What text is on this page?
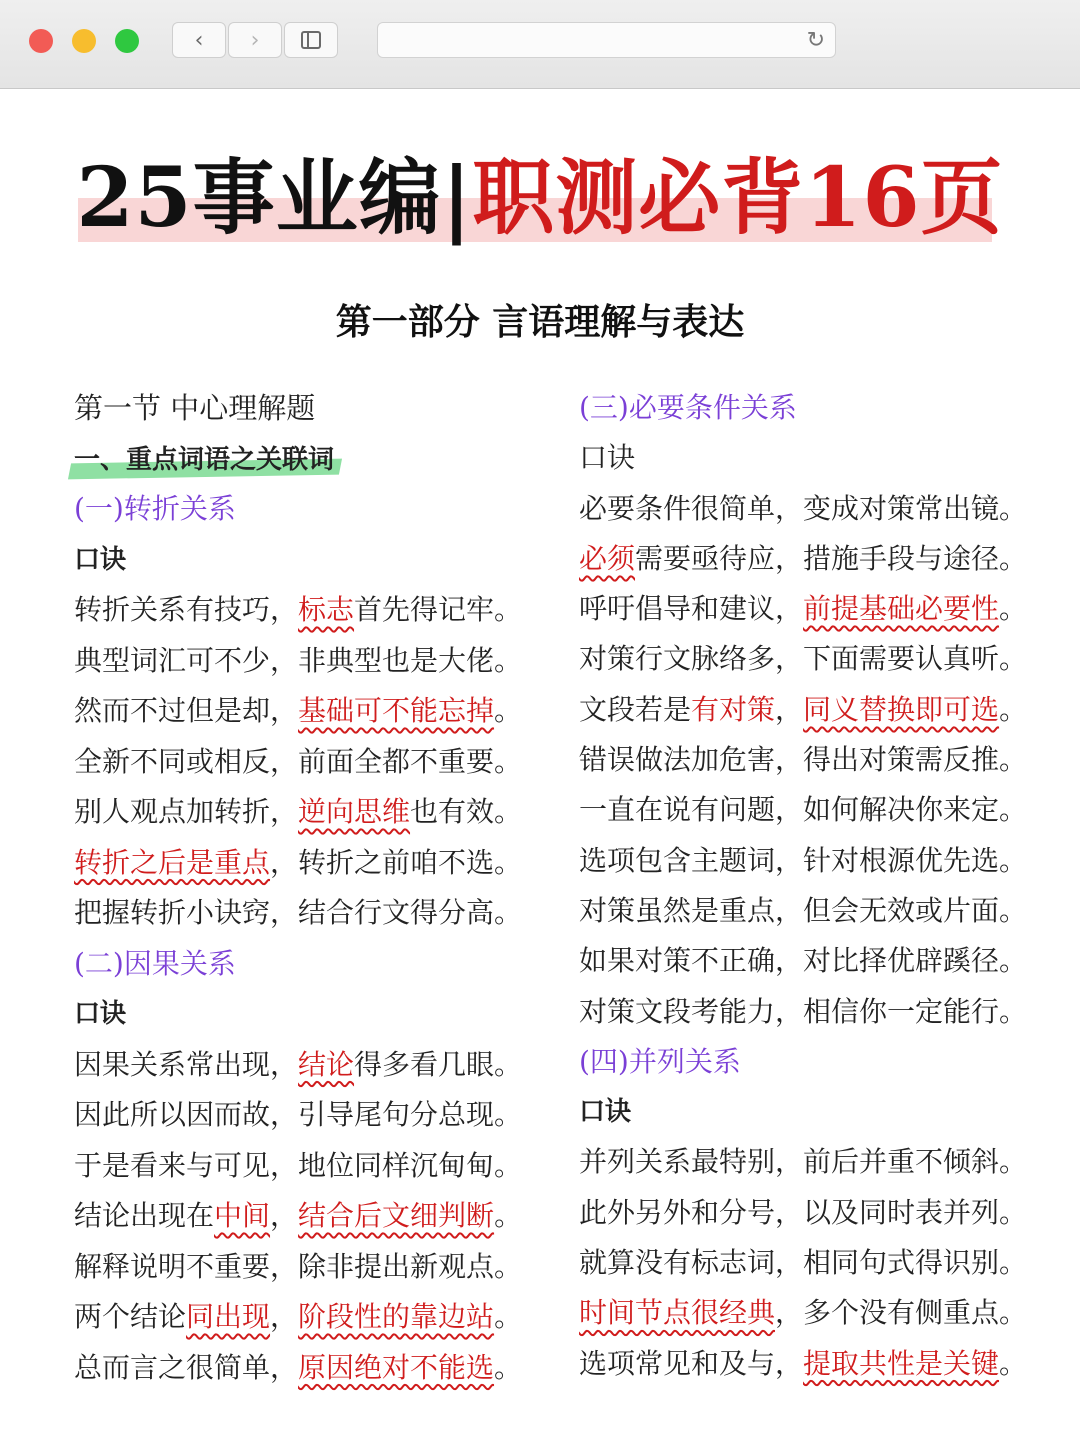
‹ ›	↻
25事业编|职测必背16页
第一部分 言语理解与表达
第一节 中心理解题
一、重点词语之关联词
(一)转折关系
口诀
转折关系有技巧，标志首先得记牢。
典型词汇可不少，非典型也是大佬。
然而不过但是却，基础可不能忘掉。
全新不同或相反，前面全都不重要。
别人观点加转折，逆向思维也有效。
转折之后是重点，转折之前咱不选。
把握转折小诀窍，结合行文得分高。
(二)因果关系
口诀
因果关系常出现，结论得多看几眼。
因此所以因而故，引导尾句分总现。
于是看来与可见，地位同样沉甸甸。
结论出现在中间，结合后文细判断。
解释说明不重要，除非提出新观点。
两个结论同出现，阶段性的靠边站。
总而言之很简单，原因绝对不能选。
(三)必要条件关系
口诀
必要条件很简单，变成对策常出镜。
必须需要亟待应，措施手段与途径。
呼吁倡导和建议，前提基础必要性。
对策行文脉络多，下面需要认真听。
文段若是有对策，同义替换即可选。
错误做法加危害，得出对策需反推。
一直在说有问题，如何解决你来定。
选项包含主题词，针对根源优先选。
对策虽然是重点，但会无效或片面。
如果对策不正确，对比择优辟蹊径。
对策文段考能力，相信你一定能行。
(四)并列关系
口诀
并列关系最特别，前后并重不倾斜。
此外另外和分号，以及同时表并列。
就算没有标志词，相同句式得识别。
时间节点很经典，多个没有侧重点。
选项常见和及与，提取共性是关键。
